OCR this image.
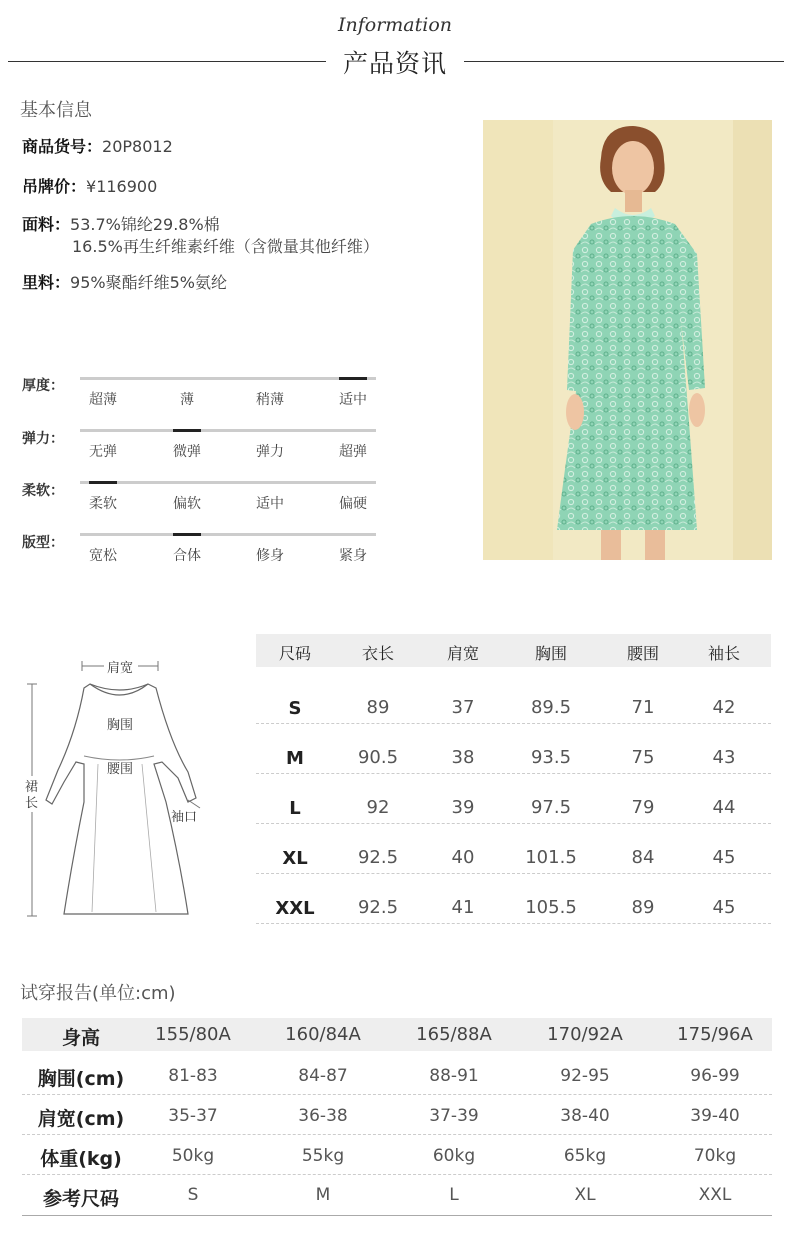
Information
产品资讯
基本信息
商品货号：20P8012
吊牌价：¥116900
面料：53.7%锦纶29.8%棉
16.5%再生纤维素纤维（含微量其他纤维）
里料：95%聚酯纤维5%氨纶
厚度：
超薄	薄	稍薄	适中
弹力：
无弹	微弹	弹力	超弹
柔软：
柔软	偏软	适中	偏硬
版型：
宽松	合体	修身	紧身
肩宽
胸围
腰围
袖口
裙
长
尺码	衣长	肩宽	胸围	腰围	袖长
S	89	37	89.5	71	42
M	90.5	38	93.5	75	43
L	92	39	97.5	79	44
XL	92.5	40	101.5	84	45
XXL	92.5	41	105.5	89	45
试穿报告(单位:cm)
身高	155/80A	160/84A	165/88A	170/92A	175/96A
胸围(cm)	81-83	84-87	88-91	92-95	96-99
肩宽(cm)	35-37	36-38	37-39	38-40	39-40
体重(kg)	50kg	55kg	60kg	65kg	70kg
参考尺码	S	M	L	XL	XXL
